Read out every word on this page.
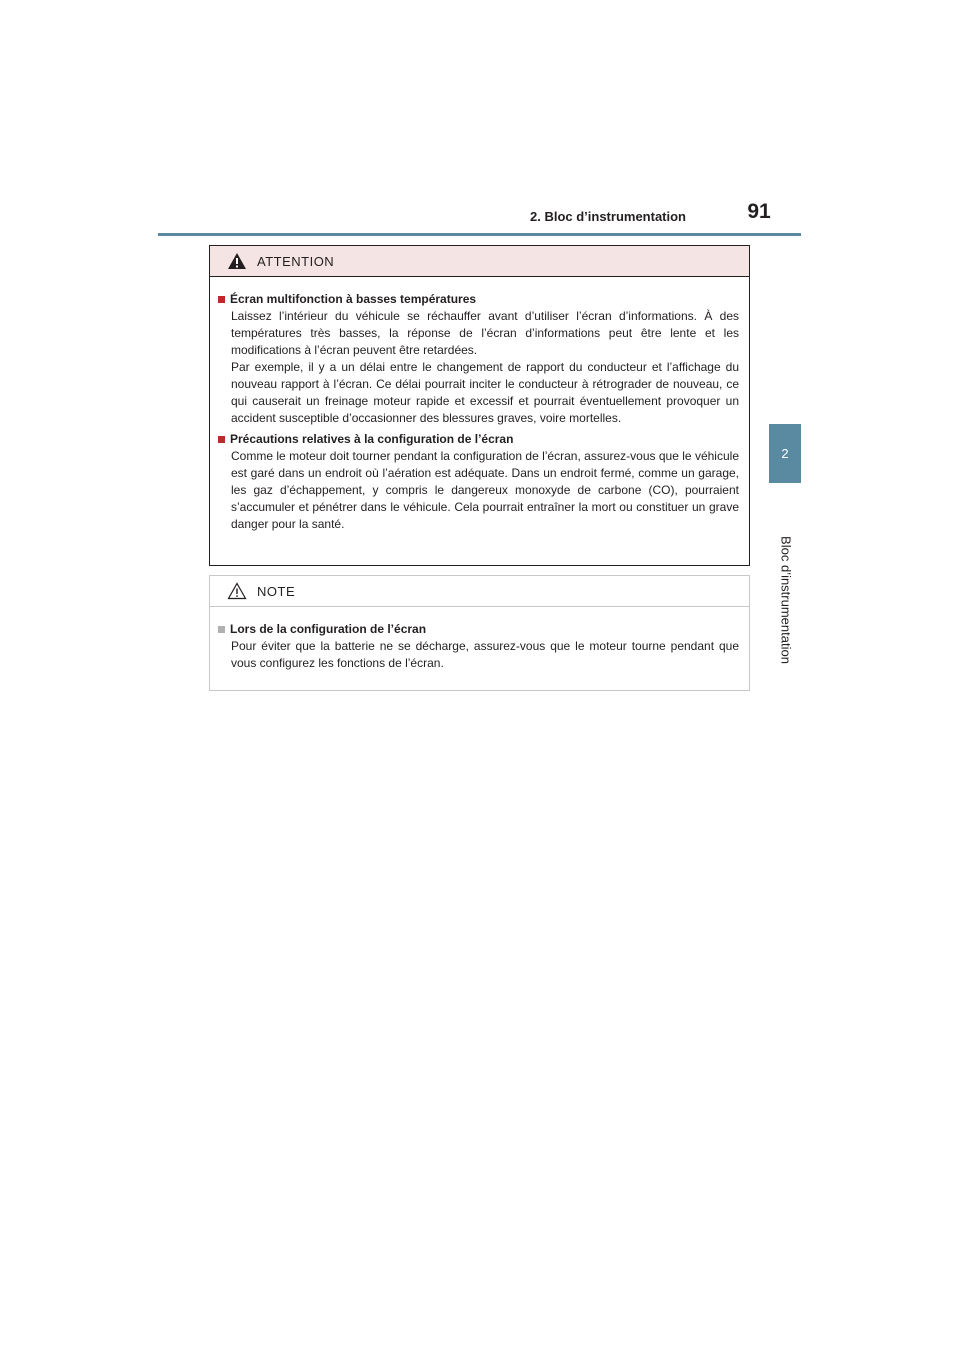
2. Bloc d’instrumentation	91
2
Bloc d’instrumentation
ATTENTION
Écran multifonction à basses températures

Laissez l’intérieur du véhicule se réchauffer avant d’utiliser l’écran d’informations. À des températures très basses, la réponse de l’écran d’informations peut être lente et les modifications à l’écran peuvent être retardées.

Par exemple, il y a un délai entre le changement de rapport du conducteur et l’affichage du nouveau rapport à l’écran. Ce délai pourrait inciter le conducteur à rétrograder de nouveau, ce qui causerait un freinage moteur rapide et excessif et pourrait éventuellement provoquer un accident susceptible d’occasionner des blessures graves, voire mortelles.

Précautions relatives à la configuration de l’écran

Comme le moteur doit tourner pendant la configuration de l’écran, assurez-vous que le véhicule est garé dans un endroit où l’aération est adéquate. Dans un endroit fermé, comme un garage, les gaz d’échappement, y compris le dangereux monoxyde de carbone (CO), pourraient s’accumuler et pénétrer dans le véhicule. Cela pourrait entraîner la mort ou constituer un grave danger pour la santé.

NOTE
Lors de la configuration de l’écran

Pour éviter que la batterie ne se décharge, assurez-vous que le moteur tourne pendant que vous configurez les fonctions de l’écran.
